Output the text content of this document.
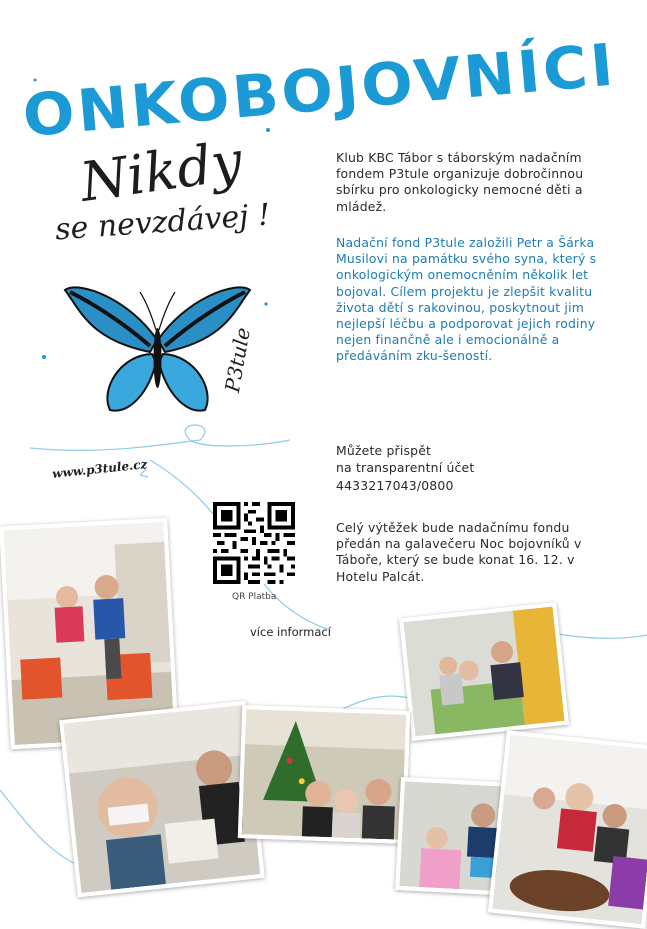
ONKOBOJOVNÍCI
Nikdy
se nevzdávej !
P3tule
www.p3tule.cz
Klub KBC Tábor s táborským nadačním fondem P3tule organizuje dobročinnou sbírku pro onkologicky nemocné děti a mládež.
Nadační fond P3tule založili Petr a Šárka Musilovi na památku svého syna, který s onkologickým onemocněním několik let bojoval. Cílem projektu je zlepšit kvalitu života dětí s rakovinou, poskytnout jim nejlepší léčbu a podporovat jejich rodiny nejen finančně ale i emocionálně a předáváním zku-šeností.
Můžete přispět
na transparentní účet
4433217043/0800
Celý výtěžek bude nadačnímu fondu předán na galavečeru Noc bojovníků v Táboře, který se bude konat 16. 12. v Hotelu Palcát.
QR Platba
více informací
